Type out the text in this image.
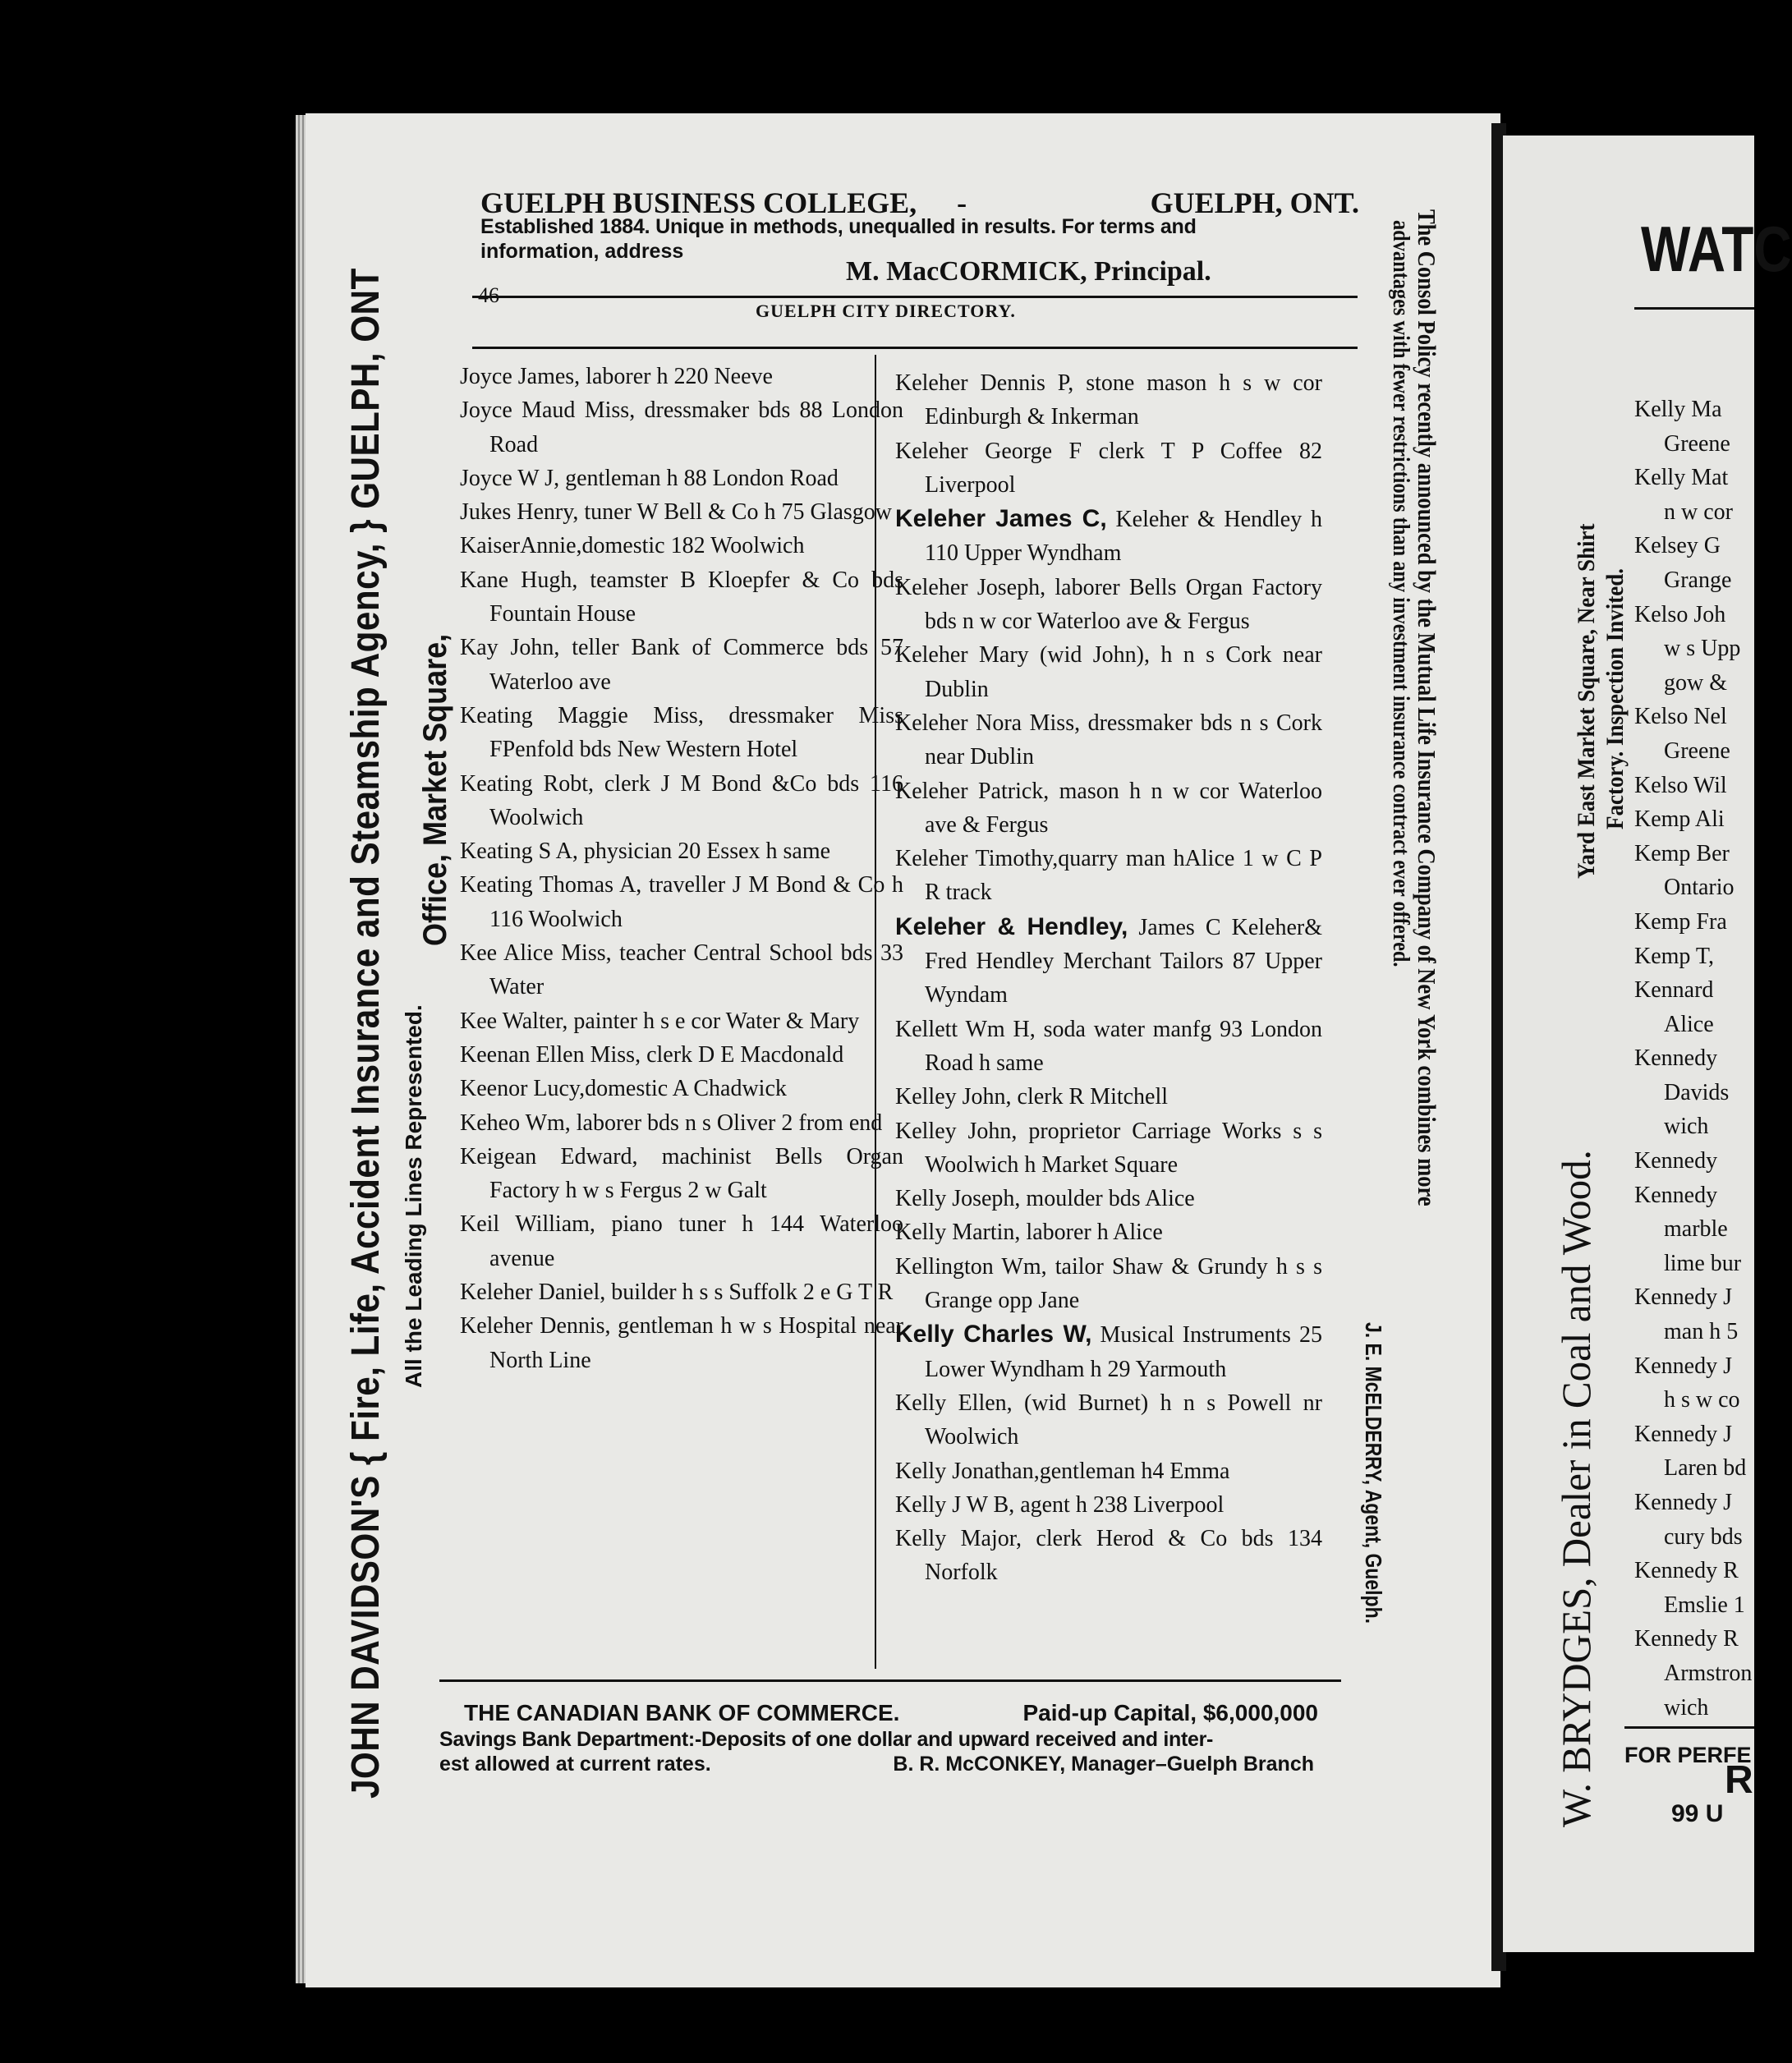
GUELPH BUSINESS COLLEGE, -	GUELPH, ONT.
Established 1884. Unique in methods, unequalled in results. For terms and
information, address
M. MacCORMICK, Principal.
46
GUELPH CITY DIRECTORY.
JOHN DAVIDSON'S { Fire, Life, Accident Insurance and Steamship Agency, } GUELPH, ONT All the Leading Lines Represented.
Office, Market Square,	The Consol Policy recently announced by the Mutual Life Insurance Company of New York combines more
advantages with fewer restrictions than any investment insurance contract ever offered.
J. E. McELDERRY, Agent, Guelph.

Joyce James, laborer h 220 Neeve

Joyce Maud Miss, dressmaker bds 88 London Road

Joyce W J, gentleman h 88 London Road

Jukes Henry, tuner W Bell & Co h 75 Glasgow

KaiserAnnie,domestic 182 Woolwich

Kane Hugh, teamster B Kloepfer & Co bds Fountain House

Kay John, teller Bank of Commerce bds 57 Waterloo ave

Keating Maggie Miss, dressmaker Miss FPenfold bds New Western Hotel

Keating Robt, clerk J M Bond &Co bds 116 Woolwich

Keating S A, physician 20 Essex h same

Keating Thomas A, traveller J M Bond & Co h 116 Woolwich

Kee Alice Miss, teacher Central School bds 33 Water

Kee Walter, painter h s e cor Water & Mary

Keenan Ellen Miss, clerk D E Macdonald

Keenor Lucy,domestic A Chadwick

Keheo Wm, laborer bds n s Oliver 2 from end

Keigean Edward, machinist Bells Organ Factory h w s Fergus 2 w Galt

Keil William, piano tuner h 144 Waterloo avenue

Keleher Daniel, builder h s s Suffolk 2 e G T R

Keleher Dennis, gentleman h w s Hospital near North Line

Keleher Dennis P, stone mason h s w cor Edinburgh & Inkerman

Keleher George F clerk T P Coffee 82 Liverpool

Keleher James C, Keleher & Hendley h 110 Upper Wyndham

Keleher Joseph, laborer Bells Organ Factory bds n w cor Waterloo ave & Fergus

Keleher Mary (wid John), h n s Cork near Dublin

Keleher Nora Miss, dressmaker bds n s Cork near Dublin

Keleher Patrick, mason h n w cor Waterloo ave & Fergus

Keleher Timothy,quarry man hAlice 1 w C P R track

Keleher & Hendley, James C Keleher& Fred Hendley Merchant Tailors 87 Upper Wyndam

Kellett Wm H, soda water manfg 93 London Road h same

Kelley John, clerk R Mitchell

Kelley John, proprietor Carriage Works s s Woolwich h Market Square

Kelly Joseph, moulder bds Alice

Kelly Martin, laborer h Alice

Kellington Wm, tailor Shaw & Grundy h s s Grange opp Jane

Kelly Charles W, Musical Instruments 25 Lower Wyndham h 29 Yarmouth

Kelly Ellen, (wid Burnet) h n s Powell nr Woolwich

Kelly Jonathan,gentleman h4 Emma

Kelly J W B, agent h 238 Liverpool

Kelly Major, clerk Herod & Co bds 134 Norfolk

THE CANADIAN BANK OF COMMERCE.	Paid-up Capital, $6,000,000
Savings Bank Department:-Deposits of one dollar and upward received and inter-
est allowed at current rates.	B. R. McCONKEY, Manager–Guelph Branch
WATC
W. BRYDGES, Dealer in Coal and Wood.
Yard East Market Square, Near Shirt Factory. Inspection Invited.
Kelly Ma
Greene
Kelly Mat
n w cor
Kelsey G
Grange
Kelso Joh
w s Upp
gow &
Kelso Nel
Greene
Kelso Wil
Kemp Ali
Kemp Ber
Ontario
Kemp Fra
Kemp T,
Kennard
Alice
Kennedy
Davids
wich
Kennedy
Kennedy
marble
lime bur
Kennedy J
man h 5
Kennedy J
h s w co
Kennedy J
Laren bd
Kennedy J
cury bds
Kennedy R
Emslie 1
Kennedy R
Armstron
wich
FOR PERFE
R
99 U
